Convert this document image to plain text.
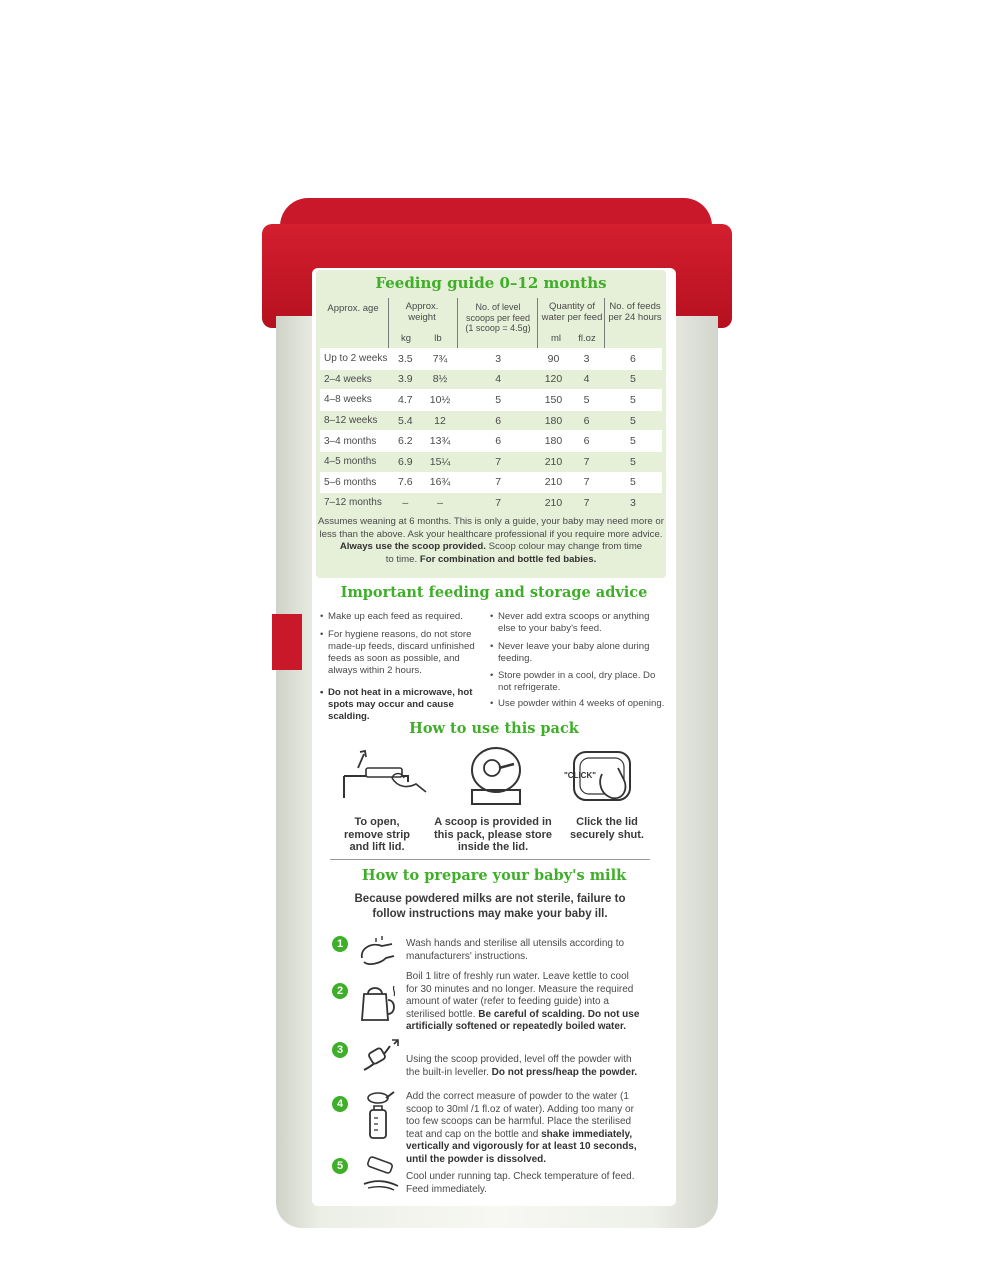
Feeding guide 0–12 months
Approx. age	Approx. weight
kg	lb
No. of level scoops per feed (1 scoop = 4.5g)
Quantity of water per feed
ml	fl.oz
No. of feeds per 24 hours
Up to 2 weeks	3.5	7¾	3	90	3	6
2–4 weeks	3.9	8½	4	120	4	5
4–8 weeks	4.7	10½	5	150	5	5
8–12 weeks	5.4	12	6	180	6	5
3–4 months	6.2	13¾	6	180	6	5
4–5 months	6.9	15¼	7	210	7	5
5–6 months	7.6	16¾	7	210	7	5
7–12 months	–	–	7	210	7	3
Assumes weaning at 6 months. This is only a guide, your baby may need more or
less than the above. Ask your healthcare professional if you require more advice.
Always use the scoop provided. Scoop colour may change from time
to time. For combination and bottle fed babies.
Important feeding and storage advice
• Make up each feed as required.
• For hygiene reasons, do not store made-up feeds, discard unfinished feeds as soon as possible, and always within 2 hours.
• Do not heat in a microwave, hot spots may occur and cause scalding.
• Never add extra scoops or anything else to your baby's feed.
• Never leave your baby alone during feeding.
• Store powder in a cool, dry place. Do not refrigerate.
• Use powder within 4 weeks of opening.
How to use this pack
"CLICK"
To open, remove strip and lift lid.
A scoop is provided in this pack, please store inside the lid.
Click the lid securely shut.
How to prepare your baby's milk
Because powdered milks are not sterile, failure to follow instructions may make your baby ill.
1
2
3
4
5
Wash hands and sterilise all utensils according to manufacturers' instructions.
Boil 1 litre of freshly run water. Leave kettle to cool for 30 minutes and no longer. Measure the required amount of water (refer to feeding guide) into a sterilised bottle. Be careful of scalding. Do not use artificially softened or repeatedly boiled water.
Using the scoop provided, level off the powder with the built-in leveller. Do not press/heap the powder.
Add the correct measure of powder to the water (1 scoop to 30ml /1 fl.oz of water). Adding too many or too few scoops can be harmful. Place the sterilised teat and cap on the bottle and shake immediately, vertically and vigorously for at least 10 seconds, until the powder is dissolved.
Cool under running tap. Check temperature of feed. Feed immediately.
